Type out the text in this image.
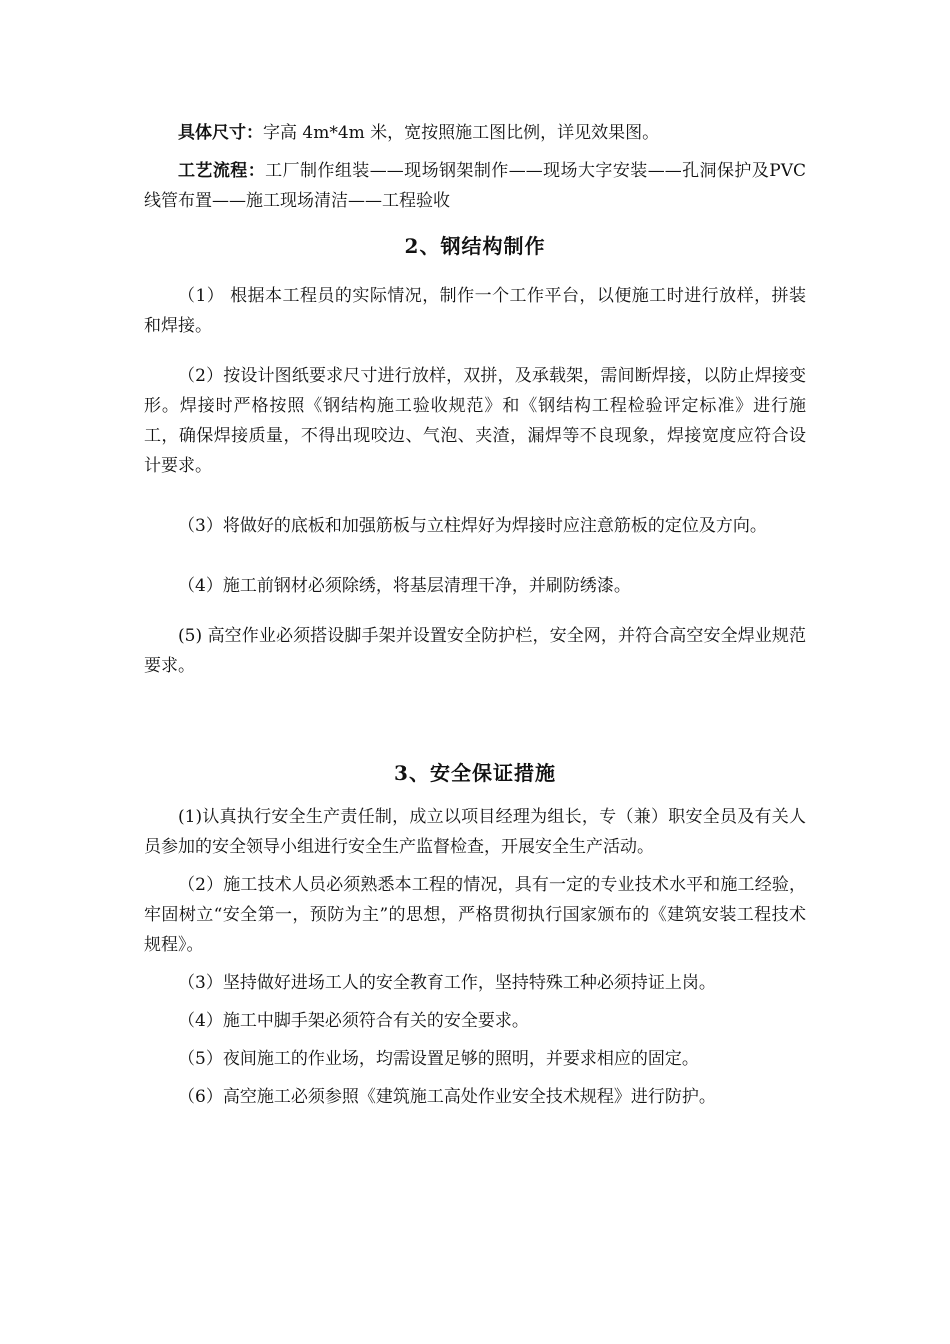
具体尺寸：字高 4m*4m 米，宽按照施工图比例，详见效果图。

工艺流程：工厂制作组装——现场钢架制作——现场大字安装——孔洞保护及PVC线管布置——施工现场清洁——工程验收

2、钢结构制作

（1） 根据本工程员的实际情况，制作一个工作平台，以便施工时进行放样，拼装和焊接。

（2）按设计图纸要求尺寸进行放样，双拼，及承载架，需间断焊接，以防止焊接变形。焊接时严格按照《钢结构施工验收规范》和《钢结构工程检验评定标准》进行施工，确保焊接质量，不得出现咬边、气泡、夹渣，漏焊等不良现象，焊接宽度应符合设计要求。

（3）将做好的底板和加强筋板与立柱焊好为焊接时应注意筋板的定位及方向。

（4）施工前钢材必须除绣，将基层清理干净，并刷防绣漆。

(5) 高空作业必须搭设脚手架并设置安全防护栏，安全网，并符合高空安全焊业规范要求。

3、安全保证措施

(1)认真执行安全生产责任制，成立以项目经理为组长，专（兼）职安全员及有关人员参加的安全领导小组进行安全生产监督检查，开展安全生产活动。

（2）施工技术人员必须熟悉本工程的情况，具有一定的专业技术水平和施工经验，牢固树立“安全第一，预防为主”的思想，严格贯彻执行国家颁布的《建筑安装工程技术规程》。

（3）坚持做好进场工人的安全教育工作，坚持特殊工种必须持证上岗。

（4）施工中脚手架必须符合有关的安全要求。

（5）夜间施工的作业场，均需设置足够的照明，并要求相应的固定。

（6）高空施工必须参照《建筑施工高处作业安全技术规程》进行防护。
